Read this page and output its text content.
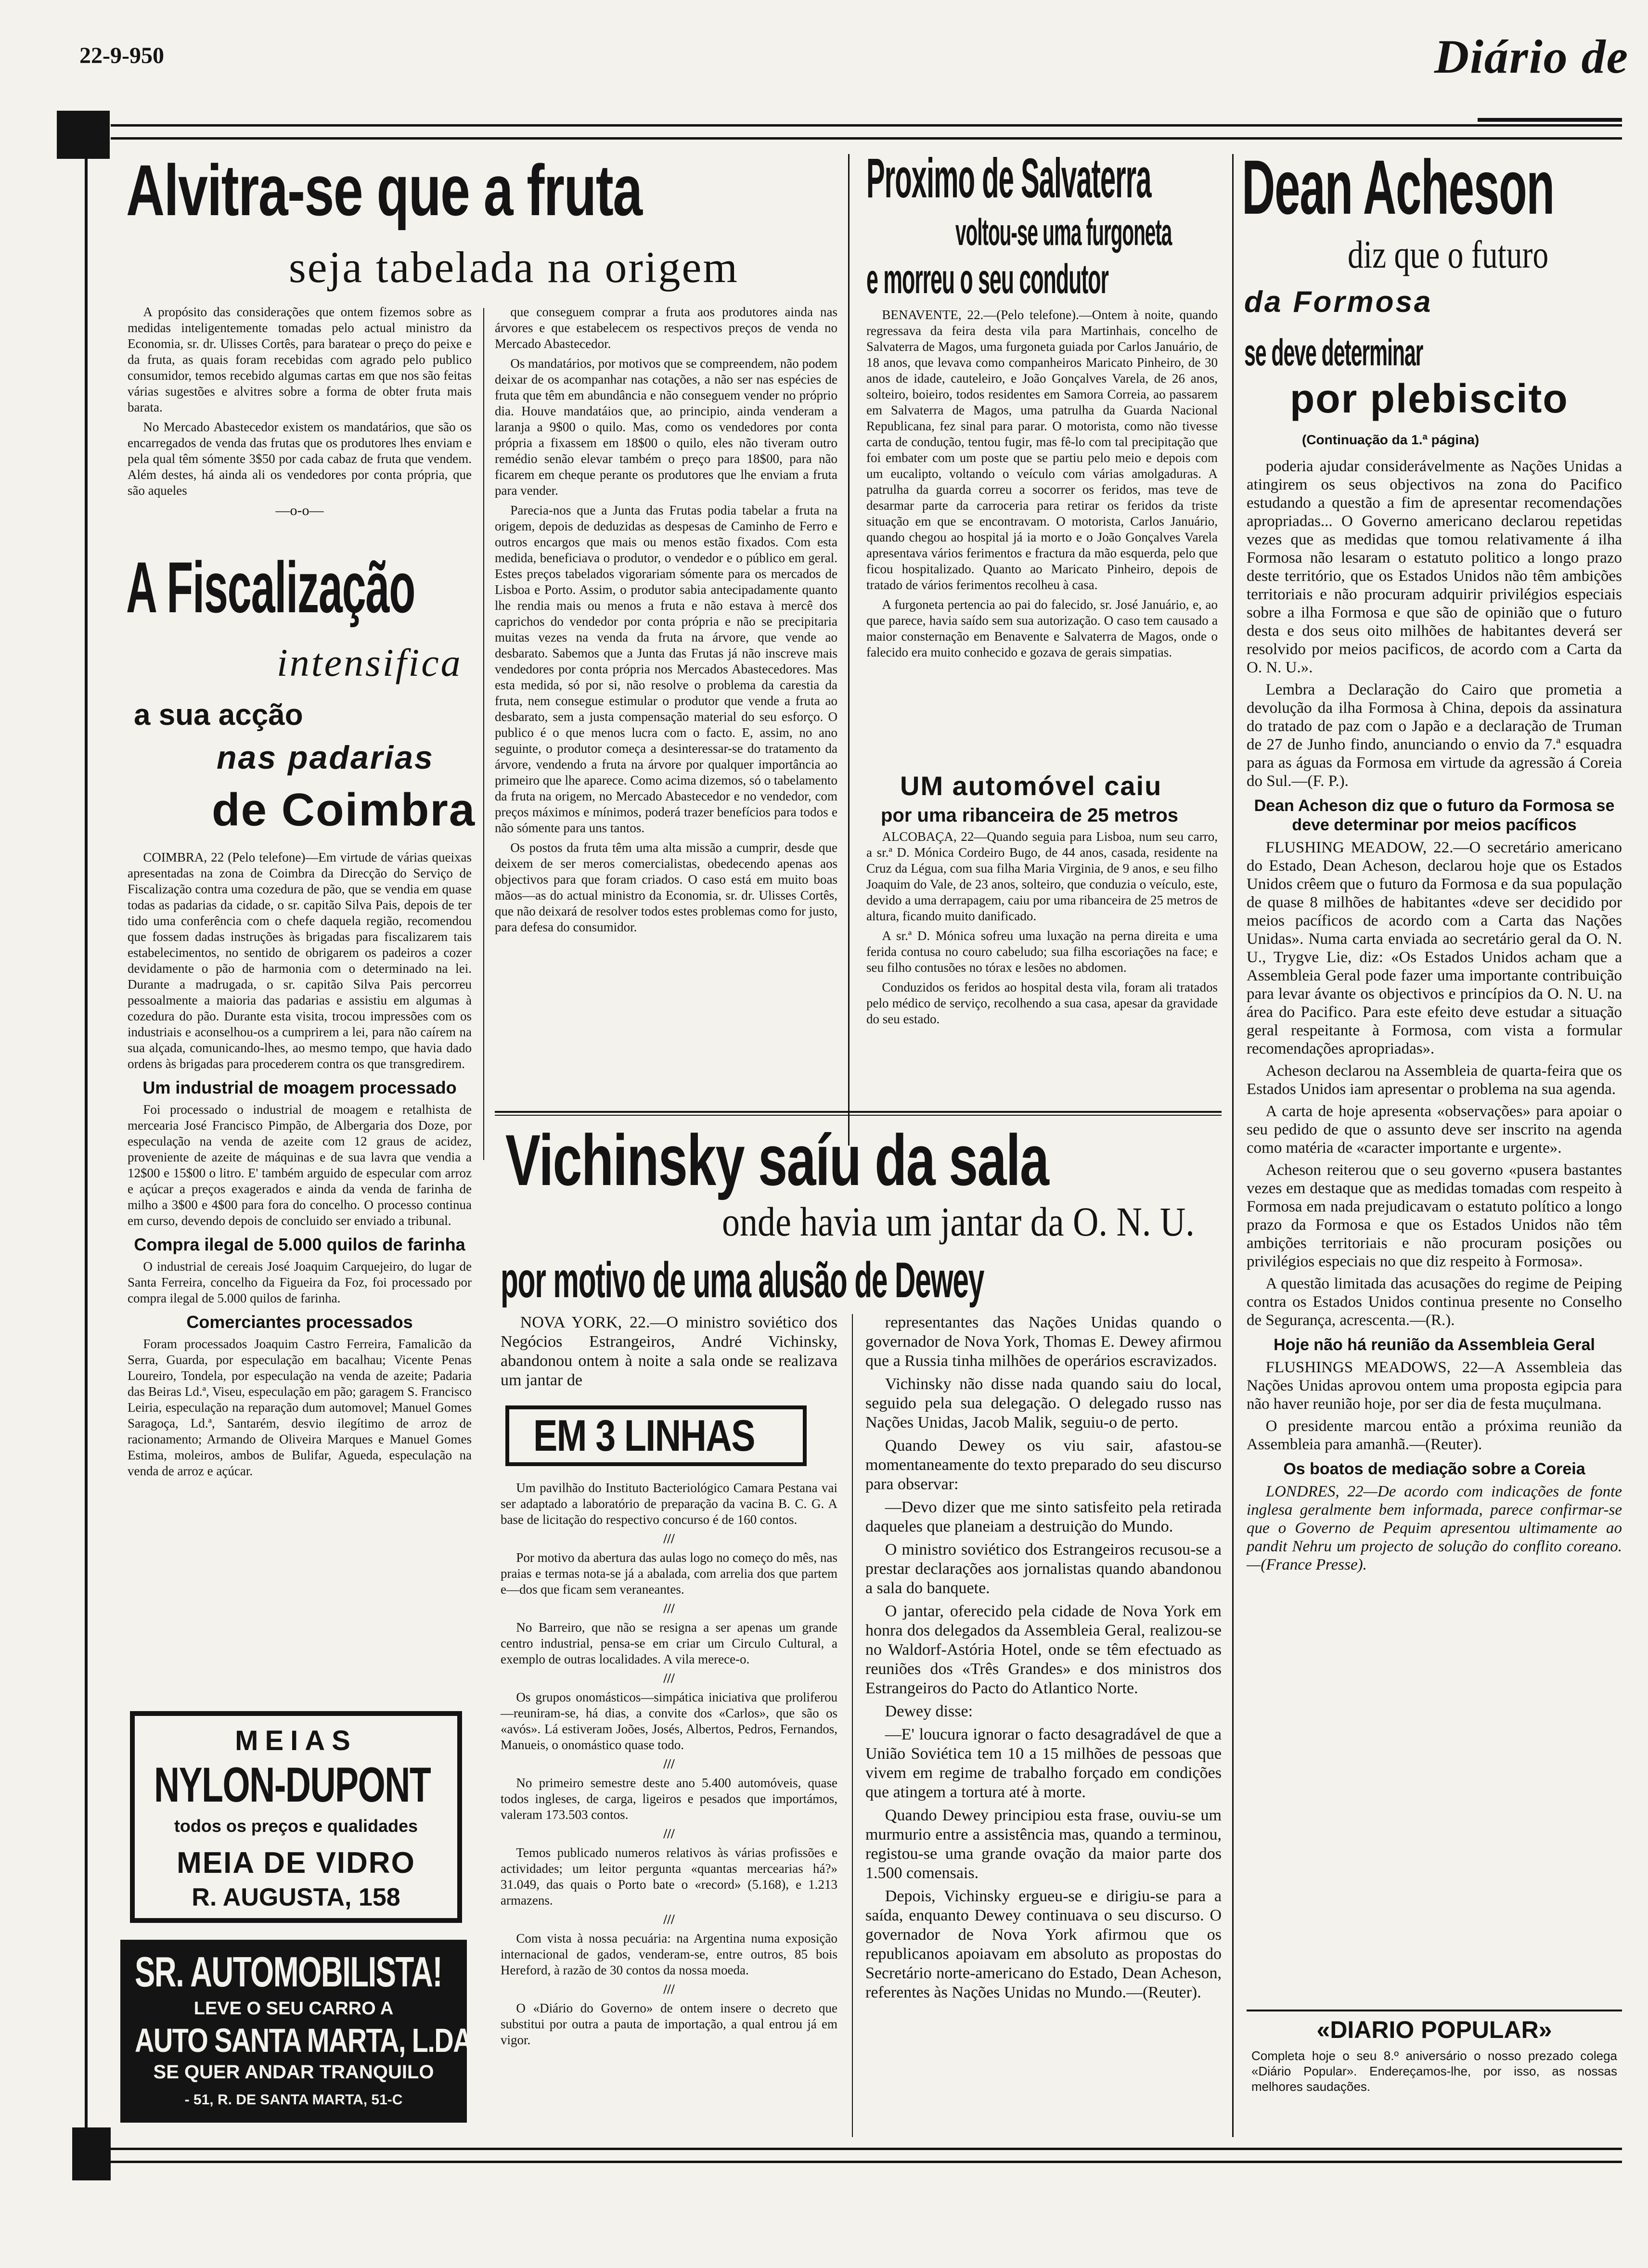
22-9-950	Diário de
Alvitra-se que a fruta
seja tabelada na origem

A propósito das considerações que ontem fizemos sobre as medidas inteligentemente tomadas pelo actual ministro da Economia, sr. dr. Ulisses Cortês, para baratear o preço do peixe e da fruta, as quais foram recebidas com agrado pelo publico consumidor, temos recebido algumas cartas em que nos são feitas várias sugestões e alvitres sobre a forma de obter fruta mais barata.

No Mercado Abastecedor existem os mandatários, que são os encarregados de venda das frutas que os produtores lhes enviam e pela qual têm sómente 3$50 por cada cabaz de fruta que vendem. Além destes, há ainda ali os vendedores por conta própria, que são aqueles

—o-o—

que conseguem comprar a fruta aos produtores ainda nas árvores e que estabelecem os respectivos preços de venda no Mercado Abastecedor.

Os mandatários, por motivos que se compreendem, não podem deixar de os acompanhar nas cotações, a não ser nas espécies de fruta que têm em abundância e não conseguem vender no próprio dia. Houve mandatáios que, ao principio, ainda venderam a laranja a 9$00 o quilo. Mas, como os vendedores por conta própria a fixassem em 18$00 o quilo, eles não tiveram outro remédio senão elevar também o preço para 18$00, para não ficarem em cheque perante os produtores que lhe enviam a fruta para vender.

Parecia-nos que a Junta das Frutas podia tabelar a fruta na origem, depois de deduzidas as despesas de Caminho de Ferro e outros encargos que mais ou menos estão fixados. Com esta medida, beneficiava o produtor, o vendedor e o público em geral. Estes preços tabelados vigorariam sómente para os mercados de Lisboa e Porto. Assim, o produtor sabia antecipadamente quanto lhe rendia mais ou menos a fruta e não estava à mercê dos caprichos do vendedor por conta própria e não se precipitaria muitas vezes na venda da fruta na árvore, que vende ao desbarato. Sabemos que a Junta das Frutas já não inscreve mais vendedores por conta própria nos Mercados Abastecedores. Mas esta medida, só por si, não resolve o problema da carestia da fruta, nem consegue estimular o produtor que vende a fruta ao desbarato, sem a justa compensação material do seu esforço. O publico é o que menos lucra com o facto. E, assim, no ano seguinte, o produtor começa a desinteressar-se do tratamento da árvore, vendendo a fruta na árvore por qualquer importância ao primeiro que lhe aparece. Como acima dizemos, só o tabelamento da fruta na origem, no Mercado Abastecedor e no vendedor, com preços máximos e mínimos, poderá trazer benefícios para todos e não sómente para uns tantos.

Os postos da fruta têm uma alta missão a cumprir, desde que deixem de ser meros comercialistas, obedecendo apenas aos objectivos para que foram criados. O caso está em muito boas mãos—as do actual ministro da Economia, sr. dr. Ulisses Cortês, que não deixará de resolver todos estes problemas como for justo, para defesa do consumidor.

A Fiscalização
intensifica
a sua acção
nas padarias
de Coimbra

COIMBRA, 22 (Pelo telefone)—Em virtude de várias queixas apresentadas na zona de Coimbra da Direcção do Serviço de Fiscalização contra uma cozedura de pão, que se vendia em quase todas as padarias da cidade, o sr. capitão Silva Pais, depois de ter tido uma conferência com o chefe daquela região, recomendou que fossem dadas instruções às brigadas para fiscalizarem tais estabelecimentos, no sentido de obrigarem os padeiros a cozer devidamente o pão de harmonia com o determinado na lei. Durante a madrugada, o sr. capitão Silva Pais percorreu pessoalmente a maioria das padarias e assistiu em algumas à cozedura do pão. Durante esta visita, trocou impressões com os industriais e aconselhou-os a cumprirem a lei, para não caírem na sua alçada, comunicando-lhes, ao mesmo tempo, que havia dado ordens às brigadas para procederem contra os que transgredirem.

Um industrial de moagem processado

Foi processado o industrial de moagem e retalhista de mercearia José Francisco Pimpão, de Albergaria dos Doze, por especulação na venda de azeite com 12 graus de acidez, proveniente de azeite de máquinas e de sua lavra que vendia a 12$00 e 15$00 o litro. E' também arguido de especular com arroz e açúcar a preços exagerados e ainda da venda de farinha de milho a 3$00 e 4$00 para fora do concelho. O processo continua em curso, devendo depois de concluido ser enviado a tribunal.

Compra ilegal de 5.000 quilos de farinha

O industrial de cereais José Joaquim Carquejeiro, do lugar de Santa Ferreira, concelho da Figueira da Foz, foi processado por compra ilegal de 5.000 quilos de farinha.

Comerciantes processados

Foram processados Joaquim Castro Ferreira, Famalicão da Serra, Guarda, por especulação em bacalhau; Vicente Penas Loureiro, Tondela, por especulação na venda de azeite; Padaria das Beiras Ld.ª, Viseu, especulação em pão; garagem S. Francisco Leiria, especulação na reparação dum automovel; Manuel Gomes Saragoça, Ld.ª, Santarém, desvio ilegítimo de arroz de racionamento; Armando de Oliveira Marques e Manuel Gomes Estima, moleiros, ambos de Bulifar, Agueda, especulação na venda de arroz e açúcar.

MEIAS
NYLON-DUPONT
todos os preços e qualidades
MEIA DE VIDRO
R. AUGUSTA, 158
SR. AUTOMOBILISTA!
LEVE O SEU CARRO A
AUTO SANTA MARTA, L.DA
SE QUER ANDAR TRANQUILO
- 51, R. DE SANTA MARTA, 51-C
Proximo de Salvaterra
voltou-se uma furgoneta
e morreu o seu condutor

BENAVENTE, 22.—(Pelo telefone).—Ontem à noite, quando regressava da feira desta vila para Martinhais, concelho de Salvaterra de Magos, uma furgoneta guiada por Carlos Januário, de 18 anos, que levava como companheiros Maricato Pinheiro, de 30 anos de idade, cauteleiro, e João Gonçalves Varela, de 26 anos, solteiro, boieiro, todos residentes em Samora Correia, ao passarem em Salvaterra de Magos, uma patrulha da Guarda Nacional Republicana, fez sinal para parar. O motorista, como não tivesse carta de condução, tentou fugir, mas fê-lo com tal precipitação que foi embater com um poste que se partiu pelo meio e depois com um eucalipto, voltando o veículo com várias amolgaduras. A patrulha da guarda correu a socorrer os feridos, mas teve de desarmar parte da carroceria para retirar os feridos da triste situação em que se encontravam. O motorista, Carlos Januário, quando chegou ao hospital já ia morto e o João Gonçalves Varela apresentava vários ferimentos e fractura da mão esquerda, pelo que ficou hospitalizado. Quanto ao Maricato Pinheiro, depois de tratado de vários ferimentos recolheu à casa.

A furgoneta pertencia ao pai do falecido, sr. José Januário, e, ao que parece, havia saído sem sua autorização. O caso tem causado a maior consternação em Benavente e Salvaterra de Magos, onde o falecido era muito conhecido e gozava de gerais simpatias.

UM automóvel caiu
por uma ribanceira de 25 metros

ALCOBAÇA, 22—Quando seguia para Lisboa, num seu carro, a sr.ª D. Mónica Cordeiro Bugo, de 44 anos, casada, residente na Cruz da Légua, com sua filha Maria Virginia, de 9 anos, e seu filho Joaquim do Vale, de 23 anos, solteiro, que conduzia o veículo, este, devido a uma derrapagem, caiu por uma ribanceira de 25 metros de altura, ficando muito danificado.

A sr.ª D. Mónica sofreu uma luxação na perna direita e uma ferida contusa no couro cabeludo; sua filha escoriações na face; e seu filho contusões no tórax e lesões no abdomen.

Conduzidos os feridos ao hospital desta vila, foram ali tratados pelo médico de serviço, recolhendo a sua casa, apesar da gravidade do seu estado.

Vichinsky saíu da sala
onde havia um jantar da O. N. U.
por motivo de uma alusão de Dewey

NOVA YORK, 22.—O ministro soviético dos Negócios Estrangeiros, André Vichinsky, abandonou ontem à noite a sala onde se realizava um jantar de

representantes das Nações Unidas quando o governador de Nova York, Thomas E. Dewey afirmou que a Russia tinha milhões de operários escravizados.

Vichinsky não disse nada quando saiu do local, seguido pela sua delegação. O delegado russo nas Nações Unidas, Jacob Malik, seguiu-o de perto.

Quando Dewey os viu sair, afastou-se momentaneamente do texto preparado do seu discurso para observar:

—Devo dizer que me sinto satisfeito pela retirada daqueles que planeiam a destruição do Mundo.

O ministro soviético dos Estrangeiros recusou-se a prestar declarações aos jornalistas quando abandonou a sala do banquete.

O jantar, oferecido pela cidade de Nova York em honra dos delegados da Assembleia Geral, realizou-se no Waldorf-Astória Hotel, onde se têm efectuado as reuniões dos «Três Grandes» e dos ministros dos Estrangeiros do Pacto do Atlantico Norte.

Dewey disse:

—E' loucura ignorar o facto desagradável de que a União Soviética tem 10 a 15 milhões de pessoas que vivem em regime de trabalho forçado em condições que atingem a tortura até à morte.

Quando Dewey principiou esta frase, ouviu-se um murmurio entre a assistência mas, quando a terminou, registou-se uma grande ovação da maior parte dos 1.500 comensais.

Depois, Vichinsky ergueu-se e dirigiu-se para a saída, enquanto Dewey continuava o seu discurso. O governador de Nova York afirmou que os republicanos apoiavam em absoluto as propostas do Secretário norte-americano do Estado, Dean Acheson, referentes às Nações Unidas no Mundo.—(Reuter).

EM 3 LINHAS

Um pavilhão do Instituto Bacteriológico Camara Pestana vai ser adaptado a laboratório de preparação da vacina B. C. G. A base de licitação do respectivo concurso é de 160 contos.

///

Por motivo da abertura das aulas logo no começo do mês, nas praias e termas nota-se já a abalada, com arrelia dos que partem e—dos que ficam sem veraneantes.

///

No Barreiro, que não se resigna a ser apenas um grande centro industrial, pensa-se em criar um Circulo Cultural, a exemplo de outras localidades. A vila merece-o.

///

Os grupos onomásticos—simpática iniciativa que proliferou—reuniram-se, há dias, a convite dos «Carlos», que são os «avós». Lá estiveram Joões, Josés, Albertos, Pedros, Fernandos, Manueis, o onomástico quase todo.

///

No primeiro semestre deste ano 5.400 automóveis, quase todos ingleses, de carga, ligeiros e pesados que importámos, valeram 173.503 contos.

///

Temos publicado numeros relativos às várias profissões e actividades; um leitor pergunta «quantas mercearias há?» 31.049, das quais o Porto bate o «record» (5.168), e 1.213 armazens.

///

Com vista à nossa pecuária: na Argentina numa exposição internacional de gados, venderam-se, entre outros, 85 bois Hereford, à razão de 30 contos da nossa moeda.

///

O «Diário do Governo» de ontem insere o decreto que substitui por outra a pauta de importação, a qual entrou já em vigor.

Dean Acheson
diz que o futuro
da Formosa
se deve determinar
por plebiscito
(Continuação da 1.ª página)

poderia ajudar considerávelmente as Nações Unidas a atingirem os seus objectivos na zona do Pacifico estudando a questão a fim de apresentar recomendações apropriadas... O Governo americano declarou repetidas vezes que as medidas que tomou relativamente á ilha Formosa não lesaram o estatuto politico a longo prazo deste território, que os Estados Unidos não têm ambições territoriais e não procuram adquirir privilégios especiais sobre a ilha Formosa e que são de opinião que o futuro desta e dos seus oito milhões de habitantes deverá ser resolvido por meios pacificos, de acordo com a Carta da O. N. U.».

Lembra a Declaração do Cairo que prometia a devolução da ilha Formosa à China, depois da assinatura do tratado de paz com o Japão e a declaração de Truman de 27 de Junho findo, anunciando o envio da 7.ª esquadra para as águas da Formosa em virtude da agressão á Coreia do Sul.—(F. P.).

Dean Acheson diz que o futuro da Formosa se deve determinar por meios pacíficos

FLUSHING MEADOW, 22.—O secretário americano do Estado, Dean Acheson, declarou hoje que os Estados Unidos crêem que o futuro da Formosa e da sua população de quase 8 milhões de habitantes «deve ser decidido por meios pacíficos de acordo com a Carta das Nações Unidas». Numa carta enviada ao secretário geral da O. N. U., Trygve Lie, diz: «Os Estados Unidos acham que a Assembleia Geral pode fazer uma importante contribuição para levar ávante os objectivos e princípios da O. N. U. na área do Pacifico. Para este efeito deve estudar a situação geral respeitante à Formosa, com vista a formular recomendações apropriadas».

Acheson declarou na Assembleia de quarta-feira que os Estados Unidos iam apresentar o problema na sua agenda.

A carta de hoje apresenta «observações» para apoiar o seu pedido de que o assunto deve ser inscrito na agenda como matéria de «caracter importante e urgente».

Acheson reiterou que o seu governo «pusera bastantes vezes em destaque que as medidas tomadas com respeito à Formosa em nada prejudicavam o estatuto político a longo prazo da Formosa e que os Estados Unidos não têm ambições territoriais e não procuram posições ou privilégios especiais no que diz respeito à Formosa».

A questão limitada das acusações do regime de Peiping contra os Estados Unidos continua presente no Conselho de Segurança, acrescenta.—(R.).

Hoje não há reunião da Assembleia Geral

FLUSHINGS MEADOWS, 22—A Assembleia das Nações Unidas aprovou ontem uma proposta egipcia para não haver reunião hoje, por ser dia de festa muçulmana.

O presidente marcou então a próxima reunião da Assembleia para amanhã.—(Reuter).

Os boatos de mediação sobre a Coreia

LONDRES, 22—De acordo com indicações de fonte inglesa geralmente bem informada, parece confirmar-se que o Governo de Pequim apresentou ultimamente ao pandit Nehru um projecto de solução do conflito coreano.—(France Presse).

«DIARIO POPULAR»
Completa hoje o seu 8.º aniversário o nosso prezado colega «Diário Popular». Endereçamos-lhe, por isso, as nossas melhores saudações.
